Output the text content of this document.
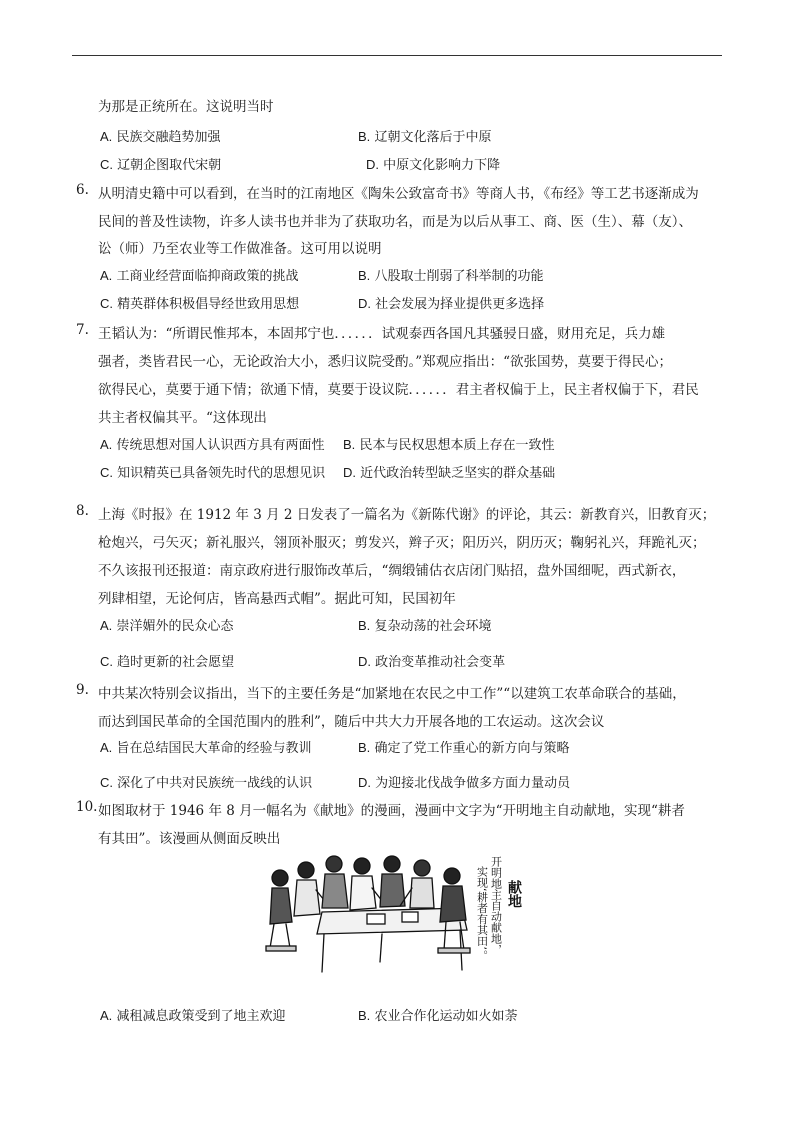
为那是正统所在。这说明当时
A. 民族交融趋势加强	B. 辽朝文化落后于中原
C. 辽朝企图取代宋朝	D. 中原文化影响力下降
6. 从明清史籍中可以看到，在当时的江南地区《陶朱公致富奇书》等商人书，《布经》等工艺书逐渐成为
民间的普及性读物，许多人读书也并非为了获取功名，而是为以后从事工、商、医（生）、幕（友）、
讼（师）乃至农业等工作做准备。这可用以说明
A. 工商业经营面临抑商政策的挑战	B. 八股取士削弱了科举制的功能
C. 精英群体积极倡导经世致用思想	D. 社会发展为择业提供更多选择
7. 王韬认为：“所谓民惟邦本，本固邦宁也．．．．．．试观泰西各国凡其骚骎日盛，财用充足，兵力雄
强者，类皆君民一心，无论政治大小，悉归议院受酌。”郑观应指出：“欲张国势，莫要于得民心；
欲得民心，莫要于通下情；欲通下情，莫要于设议院．．．．．．君主者权偏于上，民主者权偏于下，君民
共主者权偏其平。“这体现出
A. 传统思想对国人认识西方具有两面性 B. 民本与民权思想本质上存在一致性
C. 知识精英已具备领先时代的思想见识 D. 近代政治转型缺乏坚实的群众基础
8. 上海《时报》在 1912 年 3 月 2 日发表了一篇名为《新陈代谢》的评论，其云：新教育兴，旧教育灭；
枪炮兴，弓矢灭；新礼服兴，翎顶补服灭；剪发兴，辫子灭；阳历兴，阴历灭；鞠躬礼兴，拜跪礼灭；
不久该报刊还报道：南京政府进行服饰改革后，“绸缎铺估衣店闭门贴招，盘外国细呢，西式新衣，
列肆相望，无论何店，皆高悬西式帽”。据此可知，民国初年
A. 崇洋媚外的民众心态	B. 复杂动荡的社会环境
C. 趋时更新的社会愿望	D. 政治变革推动社会变革
9. 中共某次特别会议指出，当下的主要任务是“加紧地在农民之中工作”“以建筑工农革命联合的基础，
而达到国民革命的全国范围内的胜利”，随后中共大力开展各地的工农运动。这次会议
A. 旨在总结国民大革命的经验与教训	B. 确定了党工作重心的新方向与策略
C. 深化了中共对民族统一战线的认识	D. 为迎接北伐战争做多方面力量动员
10. 如图取材于 1946 年 8 月一幅名为《献地》的漫画，漫画中文字为“开明地主自动献地，实现“耕者
有其田”。该漫画从侧面反映出
实现‘耕者有其田’。 开明地主自动献地， 献地
A. 减租减息政策受到了地主欢迎	B. 农业合作化运动如火如荼
